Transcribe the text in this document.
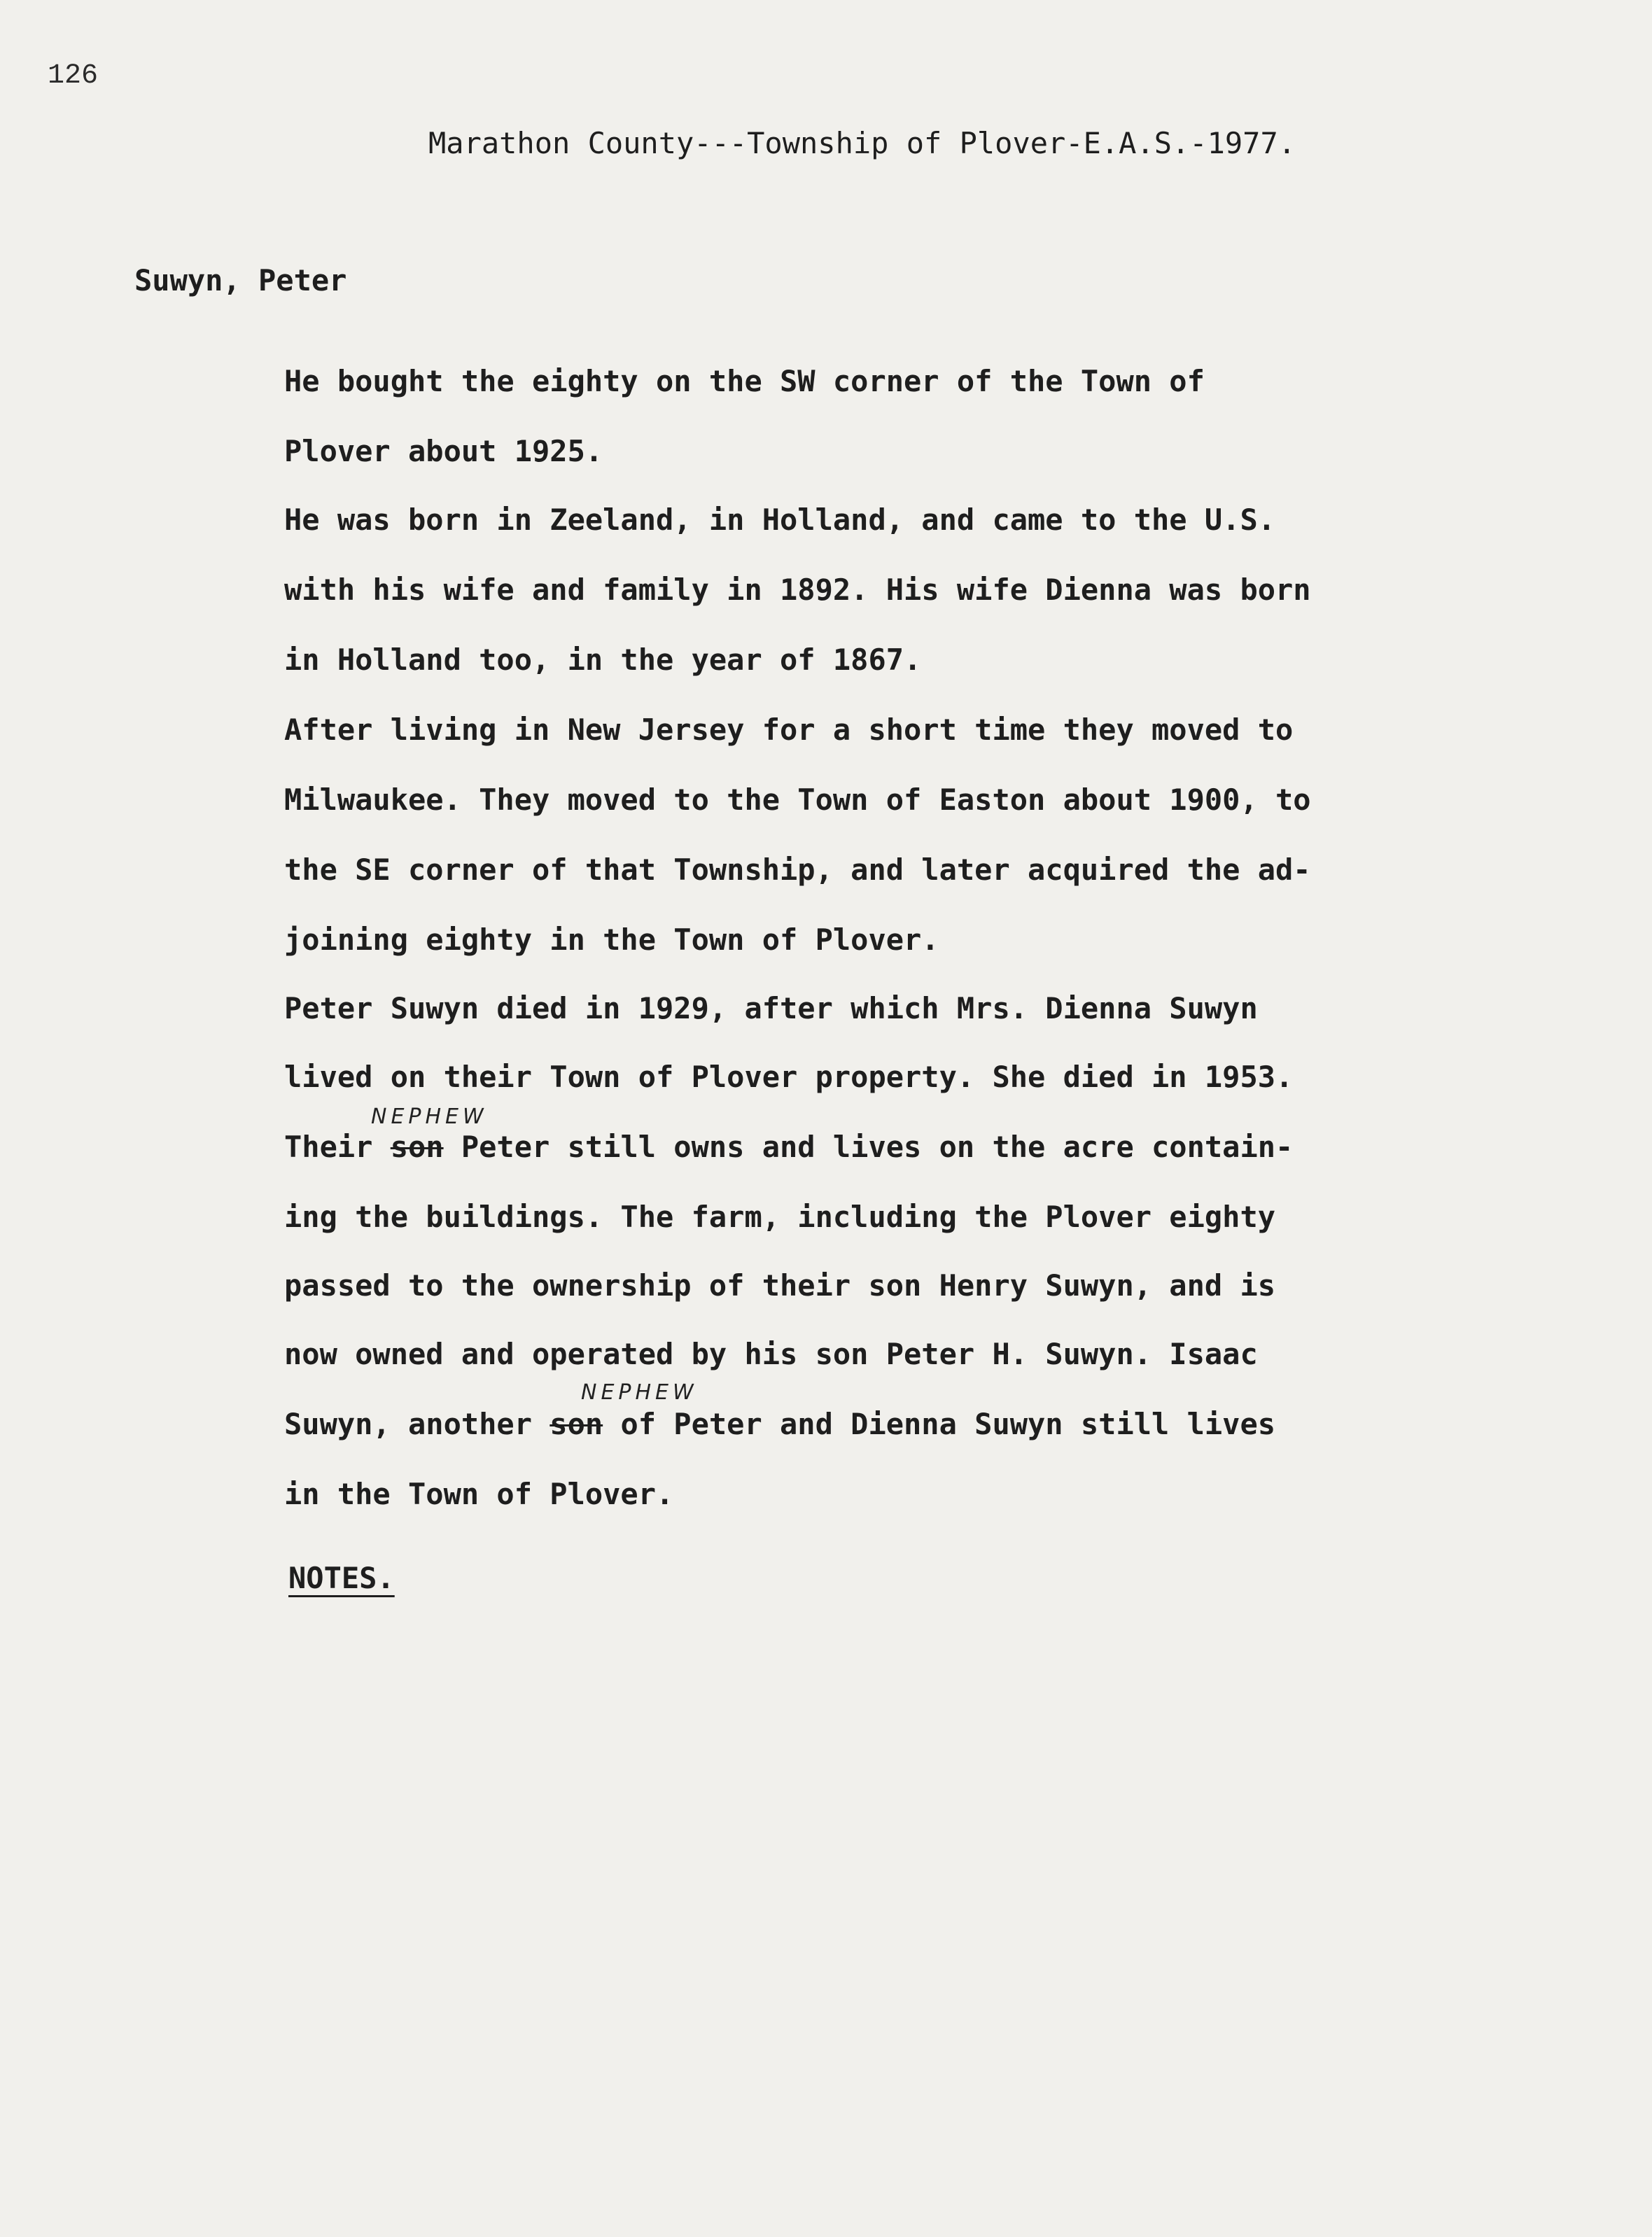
126
Marathon County---Township of Plover-E.A.S.-1977.
Suwyn, Peter
He bought the eighty on the SW corner of the Town of
Plover about 1925.
He was born in Zeeland, in Holland, and came to the U.S.
with his wife and family in 1892. His wife Dienna was born
in Holland too, in the year of 1867.
After living in New Jersey for a short time they moved to
Milwaukee. They moved to the Town of Easton about 1900, to
the SE corner of that Township, and later acquired the ad-
joining eighty in the Town of Plover.
Peter Suwyn died in 1929, after which Mrs. Dienna Suwyn
lived on their Town of Plover property. She died in 1953.
NEPHEW
Their son Peter still owns and lives on the acre contain-
ing the buildings. The farm, including the Plover eighty
passed to the ownership of their son Henry Suwyn, and is
now owned and operated by his son Peter H. Suwyn. Isaac
NEPHEW
Suwyn, another son of Peter and Dienna Suwyn still lives
in the Town of Plover.
NOTES.
